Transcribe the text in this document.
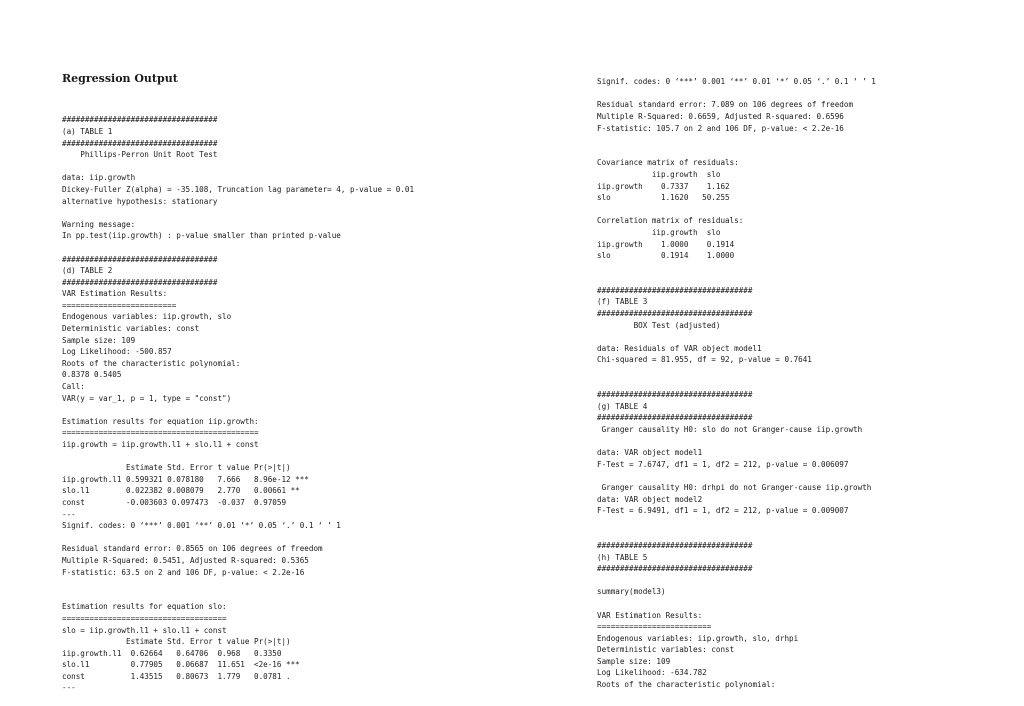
Regression Output

##################################
(a) TABLE 1
##################################
Phillips-Perron Unit Root Test
data: iip.growth
Dickey-Fuller Z(alpha) = -35.108, Truncation lag parameter= 4, p-value = 0.01
alternative hypothesis: stationary
Warning message:
In pp.test(iip.growth) : p-value smaller than printed p-value
##################################
(d) TABLE 2
##################################
VAR Estimation Results:
=========================
Endogenous variables: iip.growth, slo
Deterministic variables: const
Sample size: 109
Log Likelihood: -500.857
Roots of the characteristic polynomial:
0.8378 0.5405
Call:
VAR(y = var_1, p = 1, type = "const")
Estimation results for equation iip.growth:
===========================================
iip.growth = iip.growth.l1 + slo.l1 + const
Estimate Std. Error t value Pr(>|t|)
iip.growth.l1 0.599321 0.078180   7.666   8.96e-12 ***
slo.l1        0.022382 0.008079   2.770   0.00661 **
const         -0.003603 0.097473  -0.037  0.97059
---
Signif. codes: 0 ‘***’ 0.001 ‘**’ 0.01 ‘*’ 0.05 ‘.’ 0.1 ‘ ’ 1
Residual standard error: 0.8565 on 106 degrees of freedom
Multiple R-Squared: 0.5451, Adjusted R-squared: 0.5365
F-statistic: 63.5 on 2 and 106 DF, p-value: < 2.2e-16
Estimation results for equation slo:
====================================
slo = iip.growth.l1 + slo.l1 + const
Estimate Std. Error t value Pr(>|t|)
iip.growth.l1  0.62664   0.64706  0.968   0.3350
slo.l1         0.77905   0.06687  11.651  <2e-16 ***
const          1.43515   0.80673  1.779   0.0781 .
---

Signif. codes: 0 ‘***’ 0.001 ‘**’ 0.01 ‘*’ 0.05 ‘.’ 0.1 ‘ ’ 1
Residual standard error: 7.089 on 106 degrees of freedom
Multiple R-Squared: 0.6659, Adjusted R-squared: 0.6596
F-statistic: 105.7 on 2 and 106 DF, p-value: < 2.2e-16
Covariance matrix of residuals:
iip.growth  slo
iip.growth    0.7337    1.162
slo           1.1620   50.255
Correlation matrix of residuals:
iip.growth  slo
iip.growth    1.0000    0.1914
slo           0.1914    1.0000
##################################
(f) TABLE 3
##################################
BOX Test (adjusted)
data: Residuals of VAR object model1
Chi-squared = 81.955, df = 92, p-value = 0.7641
##################################
(g) TABLE 4
##################################
Granger causality H0: slo do not Granger-cause iip.growth
data: VAR object model1
F-Test = 7.6747, df1 = 1, df2 = 212, p-value = 0.006097
Granger causality H0: drhpi do not Granger-cause iip.growth
data: VAR object model2
F-Test = 6.9491, df1 = 1, df2 = 212, p-value = 0.009007
##################################
(h) TABLE 5
##################################
summary(model3)
VAR Estimation Results:
=========================
Endogenous variables: iip.growth, slo, drhpi
Deterministic variables: const
Sample size: 109
Log Likelihood: -634.782
Roots of the characteristic polynomial:
